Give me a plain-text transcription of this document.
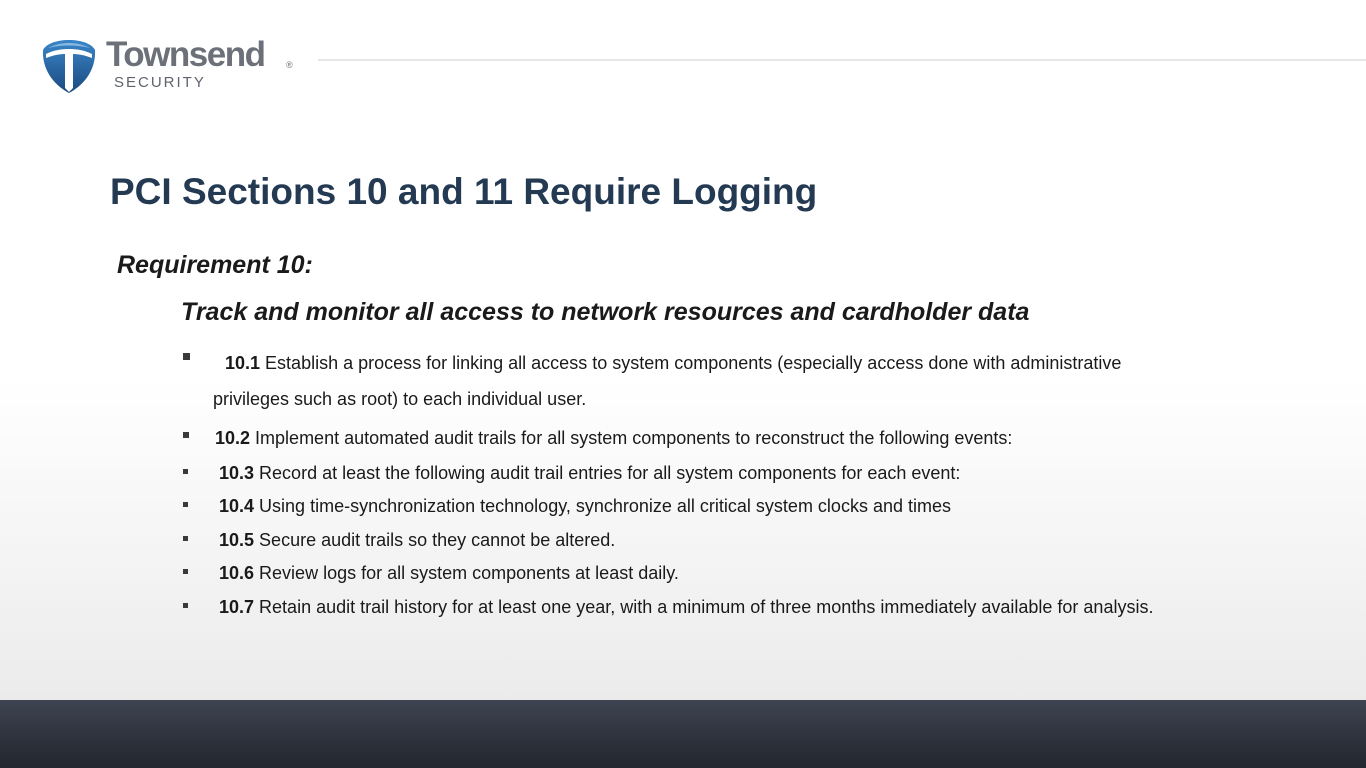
Townsend ®
SECURITY
PCI Sections 10 and 11 Require Logging
Requirement 10:
Track and monitor all access to network resources and cardholder data
10.1 Establish a process for linking all access to system components (especially access done with administrative
privileges such as root) to each individual user.
10.2 Implement automated audit trails for all system components to reconstruct the following events:
10.3 Record at least the following audit trail entries for all system components for each event:
10.4 Using time-synchronization technology, synchronize all critical system clocks and times
10.5 Secure audit trails so they cannot be altered.
10.6 Review logs for all system components at least daily.
10.7 Retain audit trail history for at least one year, with a minimum of three months immediately available for analysis.
